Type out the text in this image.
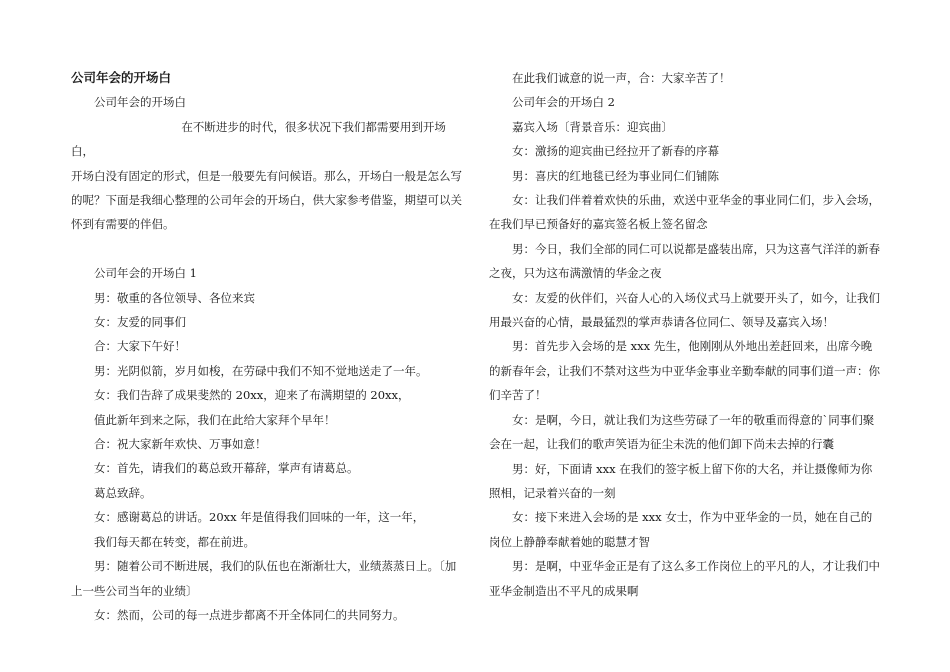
公司年会的开场白

公司年会的开场白

在不断进步的时代，很多状况下我们都需要用到开场白，

开场白没有固定的形式，但是一般要先有问候语。那么，开场白一般是怎么写的呢？下面是我细心整理的公司年会的开场白，供大家参考借鉴，期望可以关怀到有需要的伴侣。

公司年会的开场白 1

男：敬重的各位领导、各位来宾

女：友爱的同事们

合：大家下午好！

男：光阴似箭，岁月如梭，在劳碌中我们不知不觉地送走了一年。

女：我们告辞了成果斐然的 20xx，迎来了布满期望的 20xx，

值此新年到来之际，我们在此给大家拜个早年！

合：祝大家新年欢快、万事如意！

女：首先，请我们的葛总致开幕辞，掌声有请葛总。

葛总致辞。

女：感谢葛总的讲话。20xx 年是值得我们回味的一年，这一年，

我们每天都在转变，都在前进。

男：随着公司不断进展，我们的队伍也在渐渐壮大，业绩蒸蒸日上。〔加上一些公司当年的业绩〕

女：然而，公司的每一点进步都离不开全体同仁的共同努力。

在此我们诚意的说一声，合：大家辛苦了！

公司年会的开场白 2

嘉宾入场〔背景音乐：迎宾曲〕

女：激扬的迎宾曲已经拉开了新春的序幕

男：喜庆的红地毯已经为事业同仁们铺陈

女：让我们伴着着欢快的乐曲，欢送中亚华金的事业同仁们，步入会场，在我们早已预备好的嘉宾签名板上签名留念

男：今日，我们全部的同仁可以说都是盛装出席，只为这喜气洋洋的新春之夜，只为这布满激情的华金之夜

女：友爱的伙伴们，兴奋人心的入场仪式马上就要开头了，如今，让我们用最兴奋的心情，最最猛烈的掌声恭请各位同仁、领导及嘉宾入场！

男：首先步入会场的是 xxx 先生，他刚刚从外地出差赶回来，出席今晚的新春年会，让我们不禁对这些为中亚华金事业辛勤奉献的同事们道一声：你们辛苦了！

女：是啊，今日，就让我们为这些劳碌了一年的敬重而得意的`同事们聚会在一起，让我们的歌声笑语为征尘未洗的他们卸下尚未去掉的行囊

男：好，下面请 xxx 在我们的签字板上留下你的大名，并让摄像师为你照相，记录着兴奋的一刻

女：接下来进入会场的是 xxx 女士，作为中亚华金的一员，她在自己的岗位上静静奉献着她的聪慧才智

男：是啊，中亚华金正是有了这么多工作岗位上的平凡的人，才让我们中亚华金制造出不平凡的成果啊
